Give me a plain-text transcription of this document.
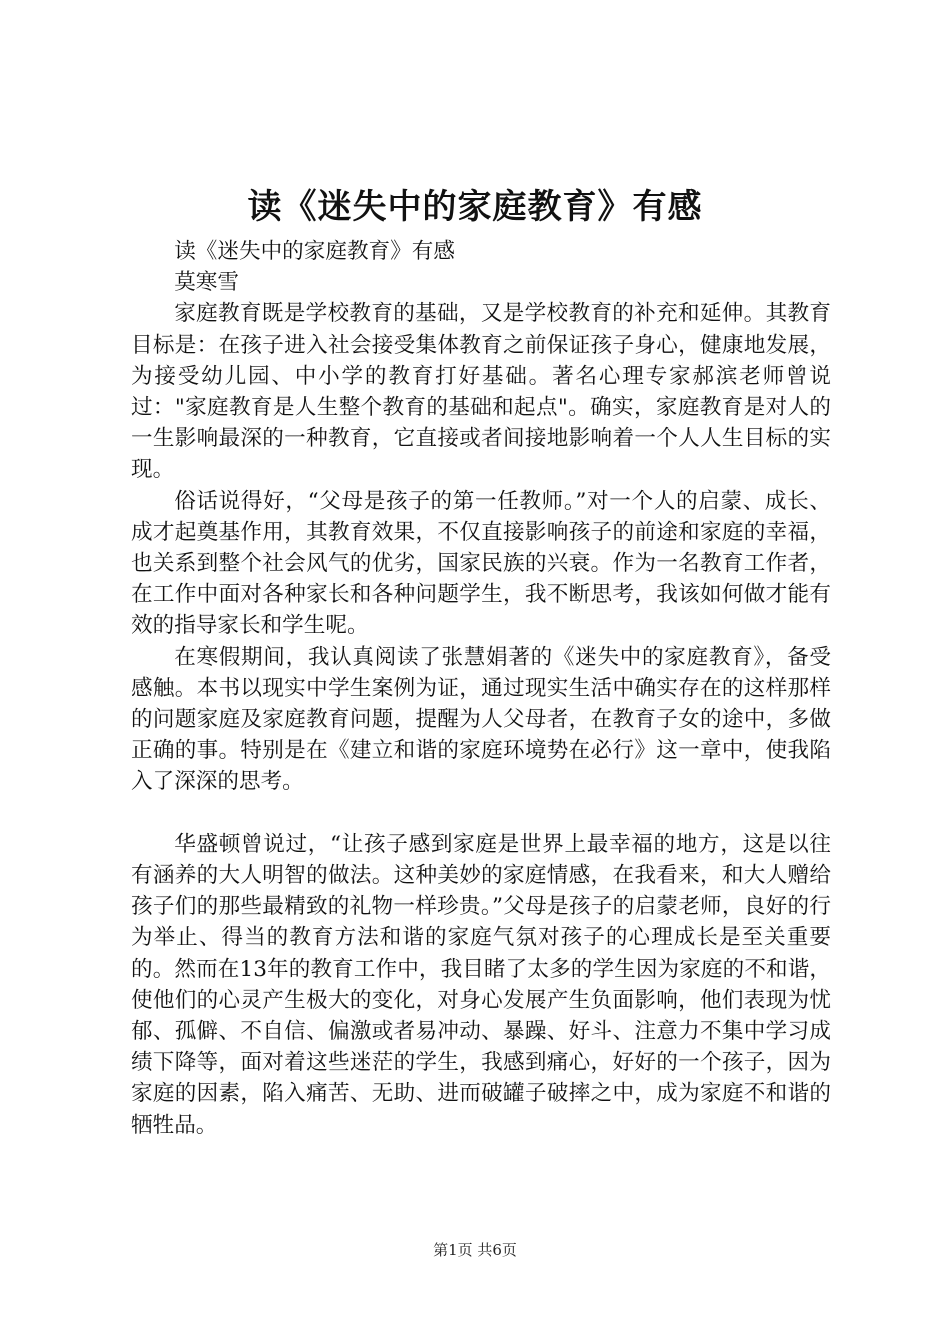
读《迷失中的家庭教育》有感

读《迷失中的家庭教育》有感

莫寒雪

家庭教育既是学校教育的基础，又是学校教育的补充和延伸。其教育目标是：在孩子进入社会接受集体教育之前保证孩子身心，健康地发展，为接受幼儿园、中小学的教育打好基础。著名心理专家郝滨老师曾说过："家庭教育是人生整个教育的基础和起点"。确实，家庭教育是对人的一生影响最深的一种教育，它直接或者间接地影响着一个人人生目标的实现。

俗话说得好，“父母是孩子的第一任教师。”对一个人的启蒙、成长、成才起奠基作用，其教育效果，不仅直接影响孩子的前途和家庭的幸福，也关系到整个社会风气的优劣，国家民族的兴衰。作为一名教育工作者，在工作中面对各种家长和各种问题学生，我不断思考，我该如何做才能有效的指导家长和学生呢。

在寒假期间，我认真阅读了张慧娟著的《迷失中的家庭教育》，备受感触。本书以现实中学生案例为证，通过现实生活中确实存在的这样那样的问题家庭及家庭教育问题，提醒为人父母者，在教育子女的途中，多做正确的事。特别是在《建立和谐的家庭环境势在必行》这一章中，使我陷入了深深的思考。

华盛顿曾说过，“让孩子感到家庭是世界上最幸福的地方，这是以往有涵养的大人明智的做法。这种美妙的家庭情感，在我看来，和大人赠给孩子们的那些最精致的礼物一样珍贵。”父母是孩子的启蒙老师，良好的行为举止、得当的教育方法和谐的家庭气氛对孩子的心理成长是至关重要的。然而在13年的教育工作中，我目睹了太多的学生因为家庭的不和谐，使他们的心灵产生极大的变化，对身心发展产生负面影响，他们表现为忧郁、孤僻、不自信、偏激或者易冲动、暴躁、好斗、注意力不集中学习成绩下降等，面对着这些迷茫的学生，我感到痛心，好好的一个孩子，因为家庭的因素，陷入痛苦、无助、进而破罐子破摔之中，成为家庭不和谐的牺牲品。

第1页 共6页
